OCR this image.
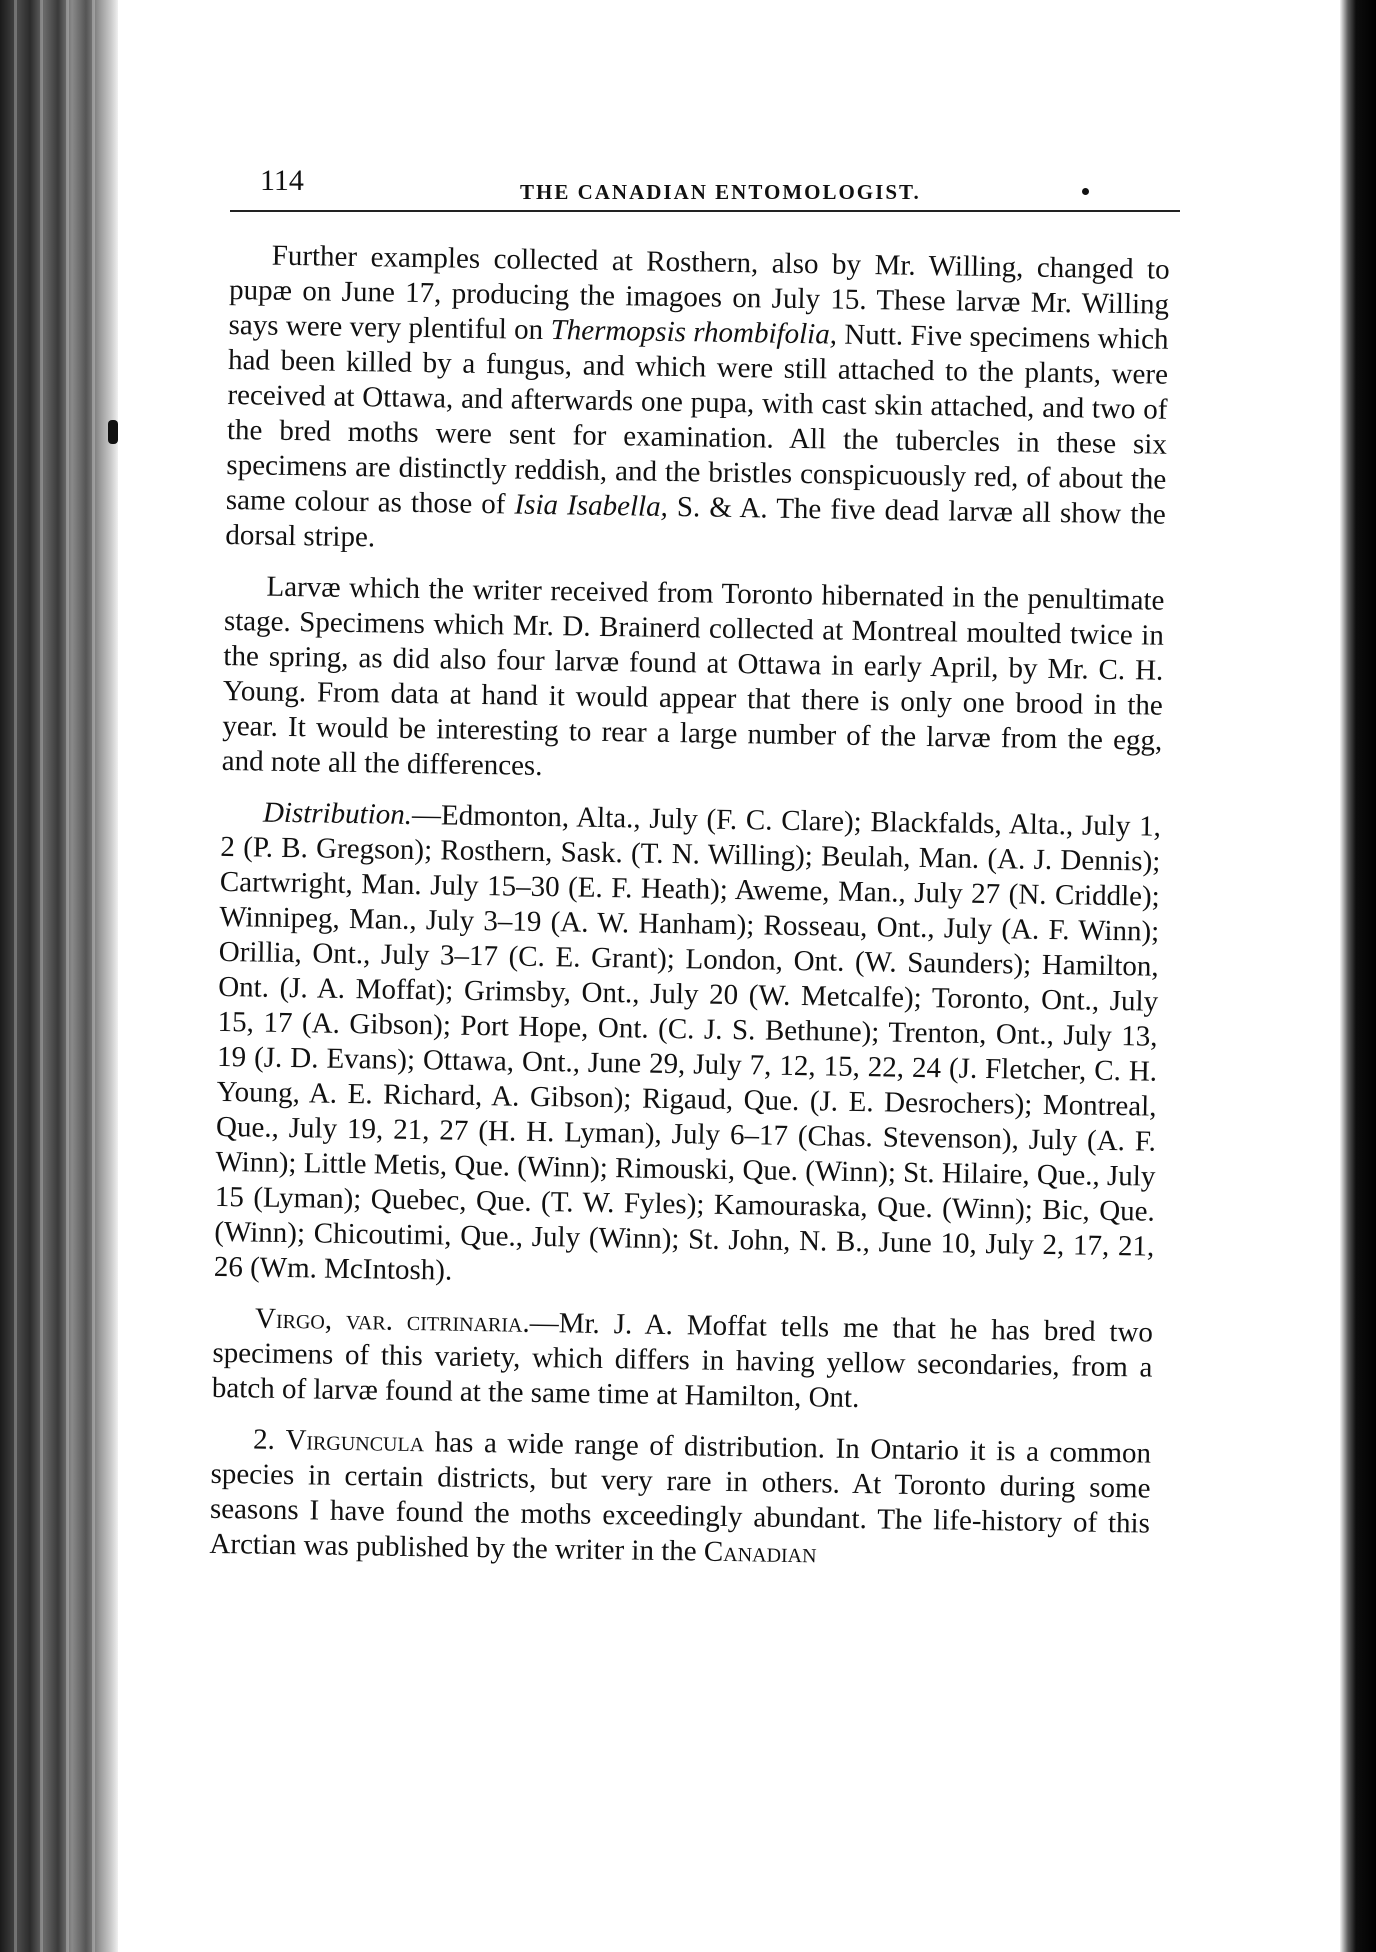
114	THE CANADIAN ENTOMOLOGIST.

Further examples collected at Rosthern, also by Mr. Willing, changed to pupæ on June 17, producing the imagoes on July 15. These larvæ Mr. Willing says were very plentiful on Thermopsis rhombifolia, Nutt. Five specimens which had been killed by a fungus, and which were still attached to the plants, were received at Ottawa, and afterwards one pupa, with cast skin attached, and two of the bred moths were sent for examination. All the tubercles in these six specimens are distinctly reddish, and the bristles conspicuously red, of about the same colour as those of Isia Isabella, S. & A. The five dead larvæ all show the dorsal stripe.

Larvæ which the writer received from Toronto hibernated in the penultimate stage. Specimens which Mr. D. Brainerd collected at Montreal moulted twice in the spring, as did also four larvæ found at Ottawa in early April, by Mr. C. H. Young. From data at hand it would appear that there is only one brood in the year. It would be interesting to rear a large number of the larvæ from the egg, and note all the differences.

Distribution.—Edmonton, Alta., July (F. C. Clare); Blackfalds, Alta., July 1, 2 (P. B. Gregson); Rosthern, Sask. (T. N. Willing); Beulah, Man. (A. J. Dennis); Cartwright, Man. July 15–30 (E. F. Heath); Aweme, Man., July 27 (N. Criddle); Winnipeg, Man., July 3–19 (A. W. Hanham); Rosseau, Ont., July (A. F. Winn); Orillia, Ont., July 3–17 (C. E. Grant); London, Ont. (W. Saunders); Hamilton, Ont. (J. A. Moffat); Grimsby, Ont., July 20 (W. Metcalfe); Toronto, Ont., July 15, 17 (A. Gibson); Port Hope, Ont. (C. J. S. Bethune); Trenton, Ont., July 13, 19 (J. D. Evans); Ottawa, Ont., June 29, July 7, 12, 15, 22, 24 (J. Fletcher, C. H. Young, A. E. Richard, A. Gibson); Rigaud, Que. (J. E. Desrochers); Montreal, Que., July 19, 21, 27 (H. H. Lyman), July 6–17 (Chas. Stevenson), July (A. F. Winn); Little Metis, Que. (Winn); Rimouski, Que. (Winn); St. Hilaire, Que., July 15 (Lyman); Quebec, Que. (T. W. Fyles); Kamouraska, Que. (Winn); Bic, Que. (Winn); Chicoutimi, Que., July (Winn); St. John, N. B., June 10, July 2, 17, 21, 26 (Wm. McIntosh).

Virgo, var. citrinaria.—Mr. J. A. Moffat tells me that he has bred two specimens of this variety, which differs in having yellow secondaries, from a batch of larvæ found at the same time at Hamilton, Ont.

2. Virguncula has a wide range of distribution. In Ontario it is a common species in certain districts, but very rare in others. At Toronto during some seasons I have found the moths exceedingly abundant. The life-history of this Arctian was published by the writer in the Canadian
